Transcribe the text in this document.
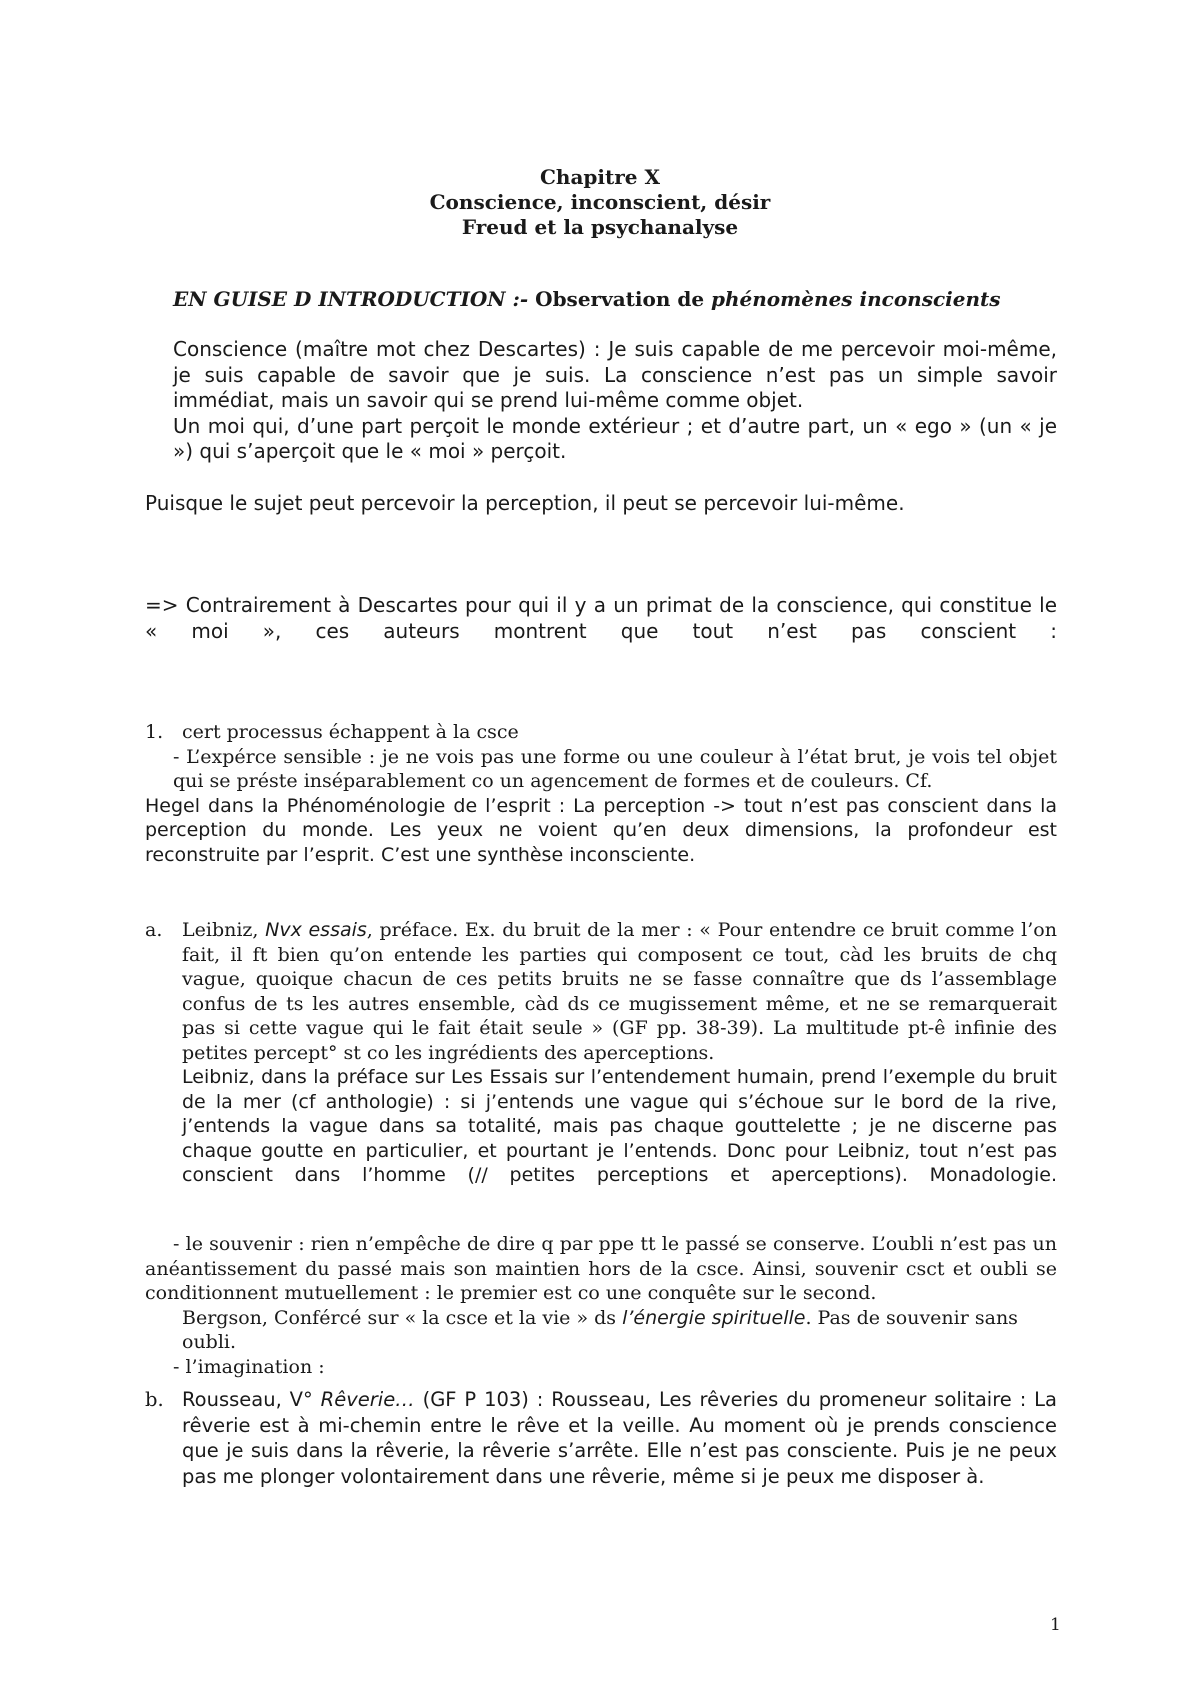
Chapitre X
Conscience, inconscient, désir
Freud et la psychanalyse
EN GUISE D INTRODUCTION :- Observation de phénomènes inconscients
Conscience (maître mot chez Descartes) : Je suis capable de me percevoir moi-même, je suis capable de savoir que je suis. La conscience n’est pas un simple savoir immédiat, mais un savoir qui se prend lui-même comme objet.
Un moi qui, d’une part perçoit le monde extérieur ; et d’autre part, un « ego » (un « je ») qui s’aperçoit que le « moi » perçoit.
Puisque le sujet peut percevoir la perception, il peut se percevoir lui-même.
=> Contrairement à Descartes pour qui il y a un primat de la conscience, qui constitue le « moi », ces auteurs montrent que tout n’est pas conscient :
1. cert processus échappent à la csce
- L’expérce sensible : je ne vois pas une forme ou une couleur à l’état brut, je vois tel objet qui se préste inséparablement co un agencement de formes et de couleurs. Cf.
Hegel dans la Phénoménologie de l’esprit : La perception -> tout n’est pas conscient dans la perception du monde. Les yeux ne voient qu’en deux dimensions, la profondeur est reconstruite par l’esprit. C’est une synthèse inconsciente.
a. Leibniz, Nvx essais, préface. Ex. du bruit de la mer : « Pour entendre ce bruit comme l’on fait, il ft bien qu’on entende les parties qui composent ce tout, càd les bruits de chq vague, quoique chacun de ces petits bruits ne se fasse connaître que ds l’assemblage confus de ts les autres ensemble, càd ds ce mugissement même, et ne se remarquerait pas si cette vague qui le fait était seule » (GF pp. 38-39). La multitude pt-ê infinie des petites percept° st co les ingrédients des aperceptions.
Leibniz, dans la préface sur Les Essais sur l’entendement humain, prend l’exemple du bruit de la mer (cf anthologie) : si j’entends une vague qui s’échoue sur le bord de la rive, j’entends la vague dans sa totalité, mais pas chaque gouttelette ; je ne discerne pas chaque goutte en particulier, et pourtant je l’entends. Donc pour Leibniz, tout n’est pas conscient dans l’homme (// petites perceptions et aperceptions). Monadologie.
- le souvenir : rien n’empêche de dire q par ppe tt le passé se conserve. L’oubli n’est pas un anéantissement du passé mais son maintien hors de la csce. Ainsi, souvenir csct et oubli se conditionnent mutuellement : le premier est co une conquête sur le second.
Bergson, Confércé sur « la csce et la vie » ds l’énergie spirituelle. Pas de souvenir sans oubli.
- l’imagination :
b. Rousseau, V° Rêverie… (GF P 103) : Rousseau, Les rêveries du promeneur solitaire : La rêverie est à mi-chemin entre le rêve et la veille. Au moment où je prends conscience que je suis dans la rêverie, la rêverie s’arrête. Elle n’est pas consciente. Puis je ne peux pas me plonger volontairement dans une rêverie, même si je peux me disposer à.
1
